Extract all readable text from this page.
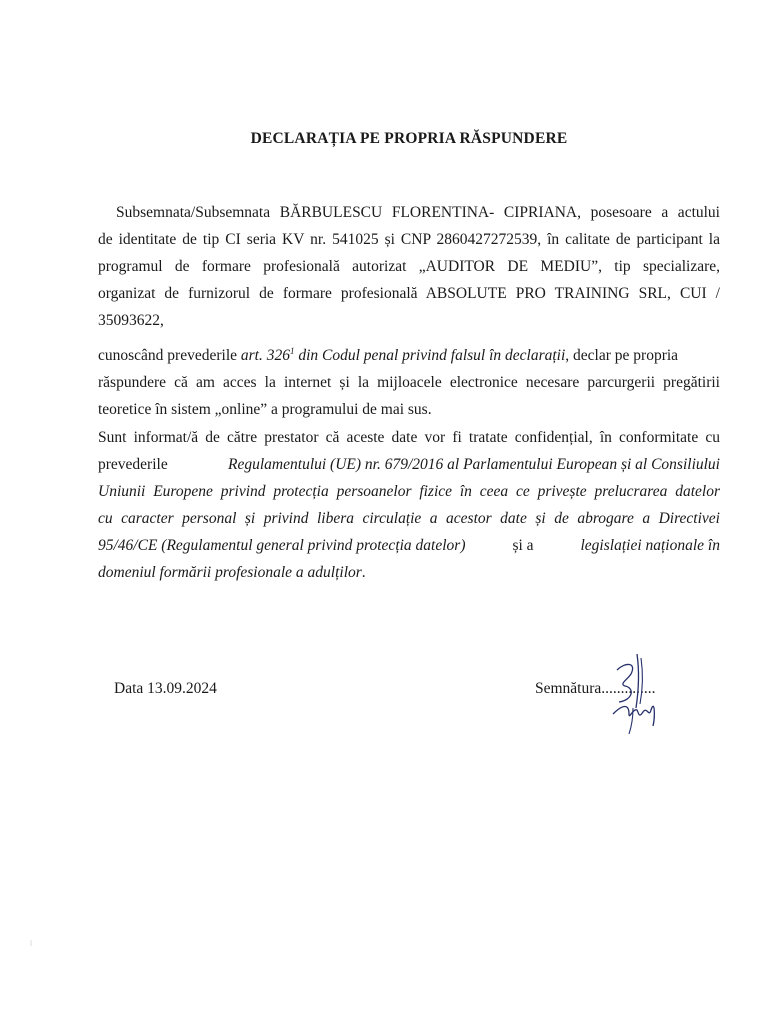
DECLARAȚIA PE PROPRIA RĂSPUNDERE
Subsemnata/Subsemnata BĂRBULESCU FLORENTINA- CIPRIANA, posesoare a actului
de identitate de tip CI seria KV nr. 541025 și CNP 2860427272539, în calitate de participant la
programul de formare profesională autorizat „AUDITOR DE MEDIU”, tip specializare,
organizat de furnizorul de formare profesională ABSOLUTE PRO TRAINING SRL, CUI /
35093622,
cunoscând prevederile art. $326^1$ din Codul penal privind falsul în declarații, declar pe propria
răspundere că am acces la internet și la mijloacele electronice necesare parcurgerii pregătirii
teoretice în sistem „online” a programului de mai sus.
Sunt informat/ă de către prestator că aceste date vor fi tratate confidențial, în conformitate cu
prevederile	Regulamentului (UE) nr. 679/2016 al Parlamentului European și al Consiliului
Uniunii Europene privind protecția persoanelor fizice în ceea ce privește prelucrarea datelor
cu caracter personal și privind libera circulație a acestor date și de abrogare a Directivei
95/46/CE (Regulamentul general privind protecția datelor)	și a	legislației naționale în
domeniul formării profesionale a adulților.
Data 13.09.2024	Semnătura..............
